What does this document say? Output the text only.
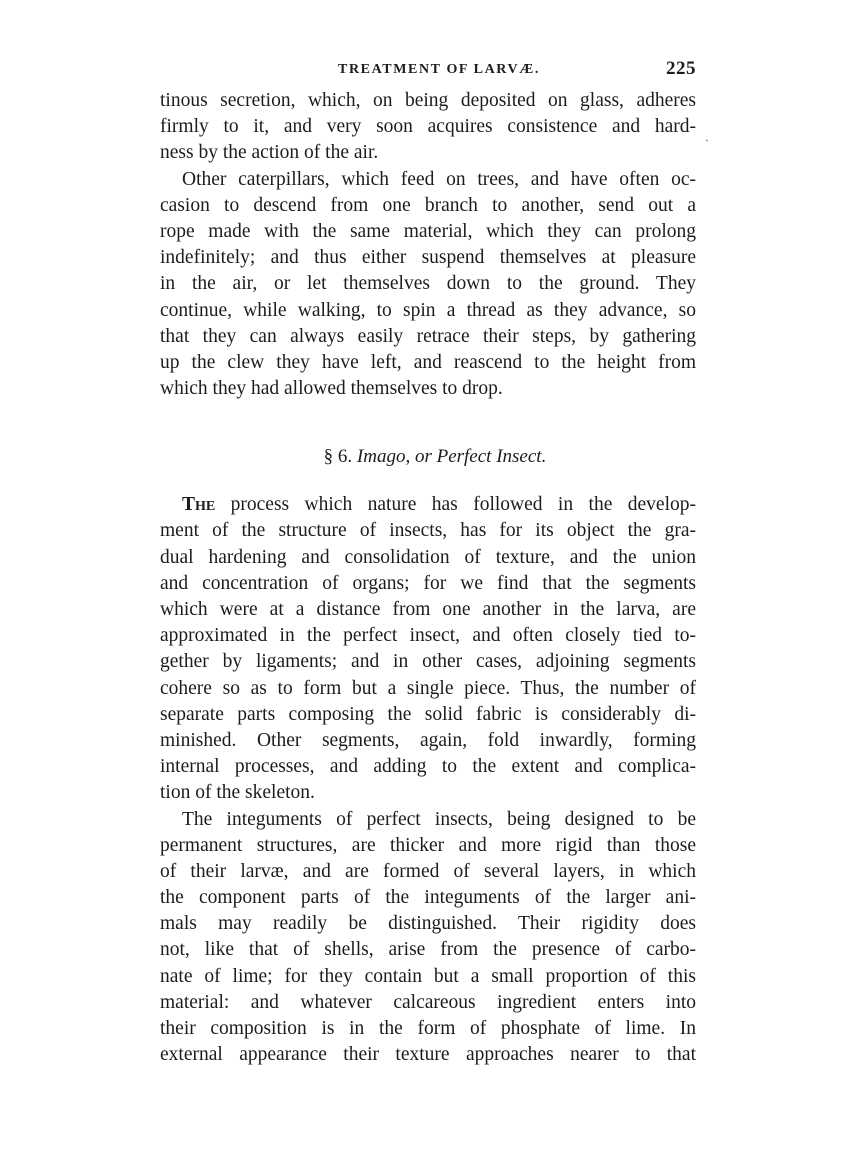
TREATMENT OF LARVÆ.	225
tinous secretion, which, on being deposited on glass, adheres
firmly to it, and very soon acquires consistence and hard-
ness by the action of the air.
Other caterpillars, which feed on trees, and have often oc-
casion to descend from one branch to another, send out a
rope made with the same material, which they can prolong
indefinitely; and thus either suspend themselves at pleasure
in the air, or let themselves down to the ground. They
continue, while walking, to spin a thread as they advance, so
that they can always easily retrace their steps, by gathering
up the clew they have left, and reascend to the height from
which they had allowed themselves to drop.
§ 6. Imago, or Perfect Insect.
The process which nature has followed in the develop-
ment of the structure of insects, has for its object the gra-
dual hardening and consolidation of texture, and the union
and concentration of organs; for we find that the segments
which were at a distance from one another in the larva, are
approximated in the perfect insect, and often closely tied to-
gether by ligaments; and in other cases, adjoining segments
cohere so as to form but a single piece. Thus, the number of
separate parts composing the solid fabric is considerably di-
minished. Other segments, again, fold inwardly, forming
internal processes, and adding to the extent and complica-
tion of the skeleton.
The integuments of perfect insects, being designed to be
permanent structures, are thicker and more rigid than those
of their larvæ, and are formed of several layers, in which
the component parts of the integuments of the larger ani-
mals may readily be distinguished. Their rigidity does
not, like that of shells, arise from the presence of carbo-
nate of lime; for they contain but a small proportion of this
material: and whatever calcareous ingredient enters into
their composition is in the form of phosphate of lime. In
external appearance their texture approaches nearer to that
`
